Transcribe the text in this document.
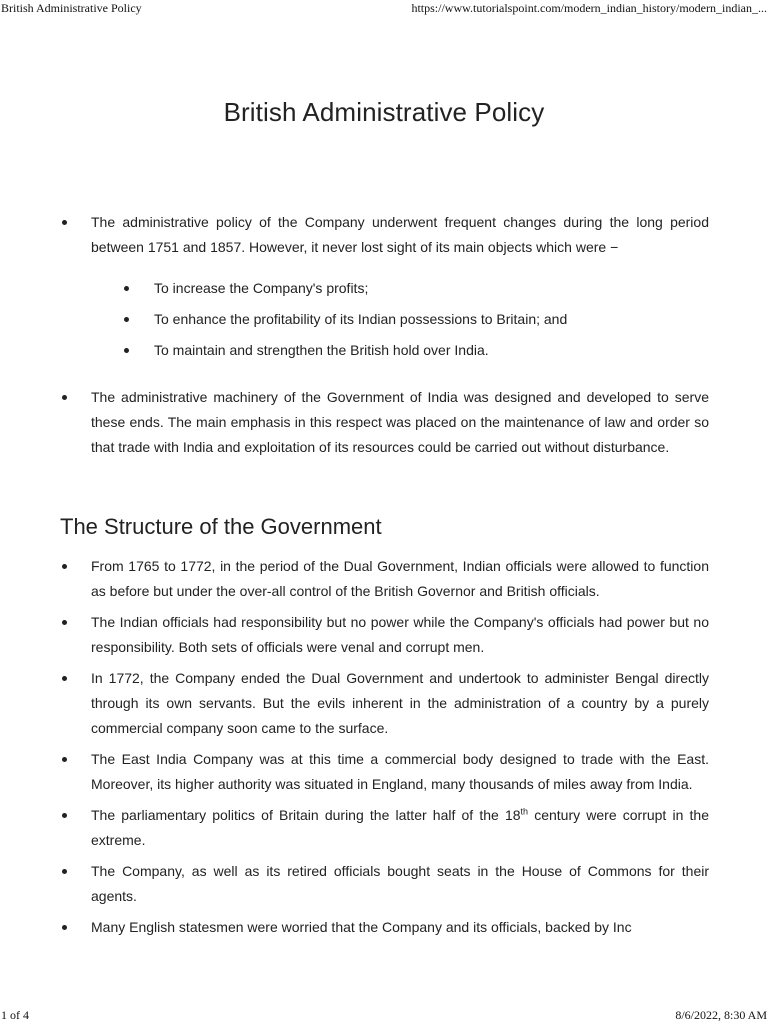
British Administrative Policy	https://www.tutorialspoint.com/modern_indian_history/modern_indian_...
British Administrative Policy
The administrative policy of the Company underwent frequent changes during the long period between 1751 and 1857. However, it never lost sight of its main objects which were −
To increase the Company's profits;
To enhance the profitability of its Indian possessions to Britain; and
To maintain and strengthen the British hold over India.
The administrative machinery of the Government of India was designed and developed to serve these ends. The main emphasis in this respect was placed on the maintenance of law and order so that trade with India and exploitation of its resources could be carried out without disturbance.
The Structure of the Government
From 1765 to 1772, in the period of the Dual Government, Indian officials were allowed to function as before but under the over-all control of the British Governor and British officials.
The Indian officials had responsibility but no power while the Company's officials had power but no responsibility. Both sets of officials were venal and corrupt men.
In 1772, the Company ended the Dual Government and undertook to administer Bengal directly through its own servants. But the evils inherent in the administration of a country by a purely commercial company soon came to the surface.
The East India Company was at this time a commercial body designed to trade with the East. Moreover, its higher authority was situated in England, many thousands of miles away from India.
The parliamentary politics of Britain during the latter half of the 18th century were corrupt in the extreme.
The Company, as well as its retired officials bought seats in the House of Commons for their agents.
Many English statesmen were worried that the Company and its officials, backed by Inc
1 of 4	8/6/2022, 8:30 AM
